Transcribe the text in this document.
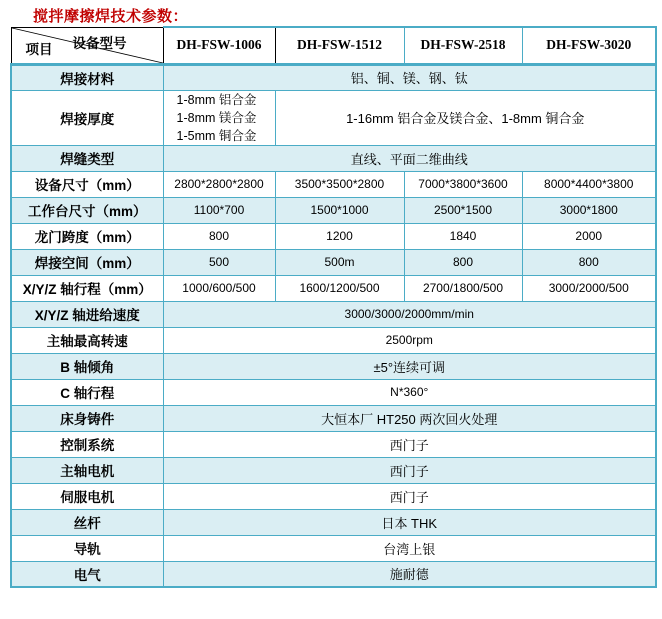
搅拌摩擦焊技术参数：
设备型号
项目	DH-FSW-1006	DH-FSW-1512	DH-FSW-2518	DH-FSW-3020
焊接材料	铝、铜、镁、钢、钛			
焊接厚度	1-8mm 铝合金
1-8mm 镁合金
1-5mm 铜合金	1-16mm 铝合金及镁合金、1-8mm 铜合金		
焊缝类型	直线、平面二维曲线			
设备尺寸（mm）	2800*2800*2800	3500*3500*2800	7000*3800*3600	8000*4400*3800
工作台尺寸（mm）	1100*700	1500*1000	2500*1500	3000*1800
龙门跨度（mm）	800	1200	1840	2000
焊接空间（mm）	500	500m	800	800
X/Y/Z 轴行程（mm）	1000/600/500	1600/1200/500	2700/1800/500	3000/2000/500
X/Y/Z 轴进给速度	3000/3000/2000mm/min			
主轴最高转速	2500rpm			
B 轴倾角	±5°连续可调			
C 轴行程	N*360°			
床身铸件	大恒本厂 HT250 两次回火处理			
控制系统	西门子			
主轴电机	西门子			
伺服电机	西门子			
丝杆	日本 THK			
导轨	台湾上银			
电气	施耐德			
